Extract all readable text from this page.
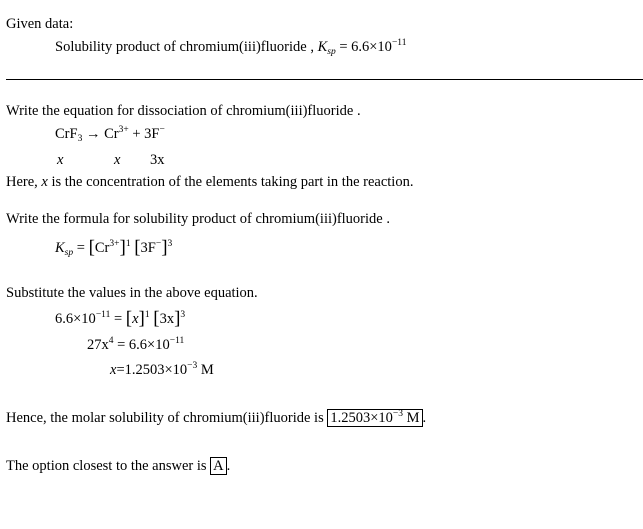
Given data:
Solubility product of chromium(iii)fluoride , $K_{sp} = 6.6\times 10^{-11}$
Write the equation for dissociation of chromium(iii)fluoride .
$CrF_3 \to Cr^{3+} + 3F^-$
x	x 3x
Here, x is the concentration of the elements taking part in the reaction.
Write the formula for solubility product of chromium(iii)fluoride .
$K_{sp} = [Cr^{3+}]^1$ $[3F^-]^3$
Substitute the values in the above equation.
$6.6\times 10^{-11} = [x]^1$ $[3x]^3$
$27x^4 = 6.6\times 10^{-11}$
$x=1.2503\times 10^{-3}$ M
Hence, the molar solubility of chromium(iii)fluoride is $1.2503\times 10^{-3}$ M .
The option closest to the answer is A .
